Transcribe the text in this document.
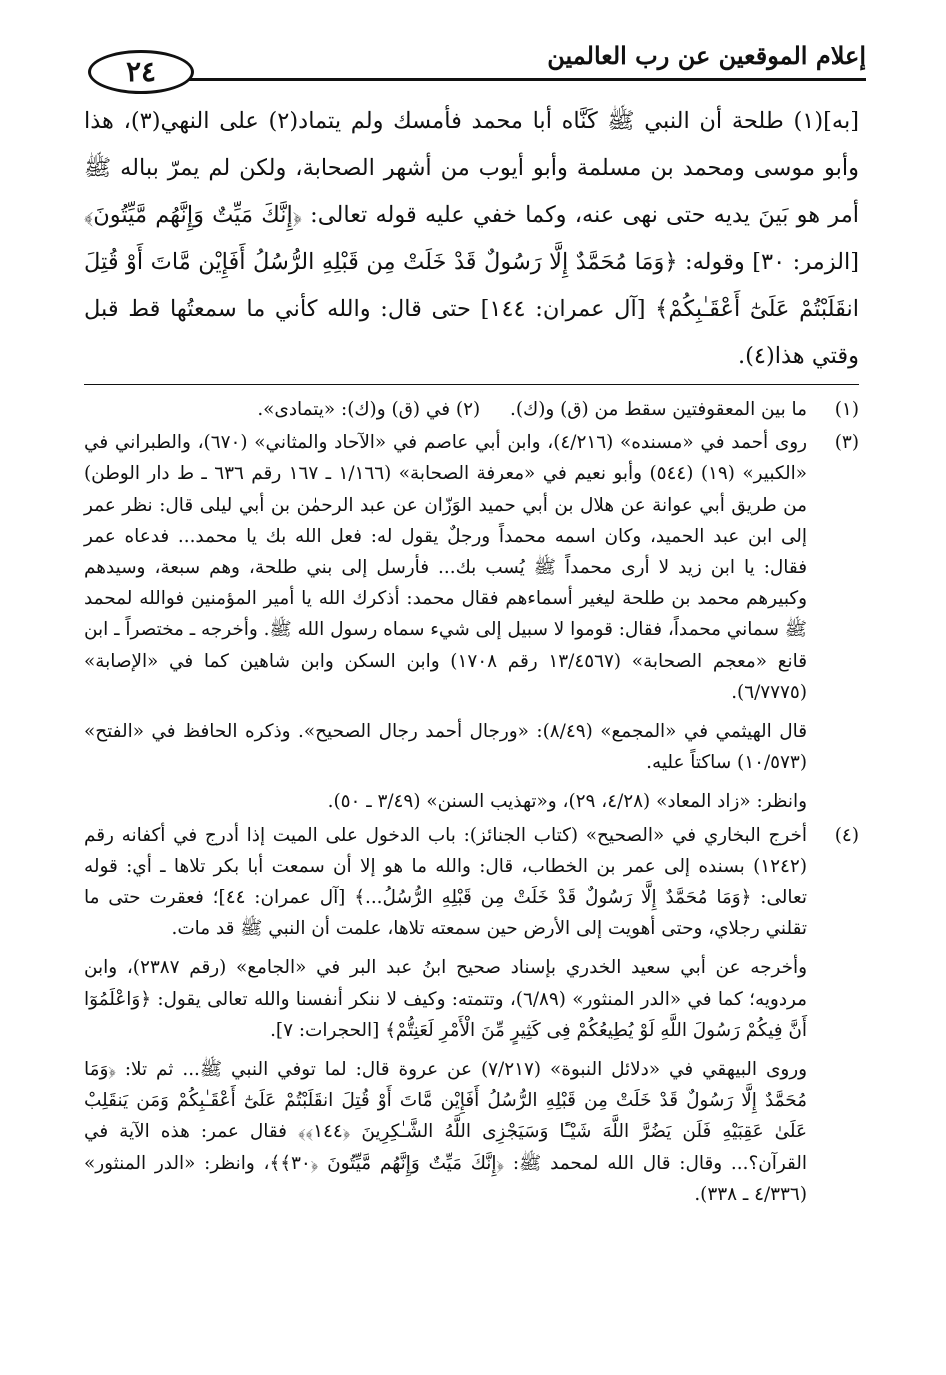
إعلام الموقعين عن رب العالمين
٢٤

[به](١) طلحة أن النبي ﷺ كَنَّاه أبا محمد فأمسك ولم يتماد(٢) على النهي(٣)، هذا وأبو موسى ومحمد بن مسلمة وأبو أيوب من أشهر الصحابة، ولكن لم يمرّ بباله ﷺ أمر هو بَينَ يديه حتى نهى عنه، وكما خفي عليه قوله تعالى: ﴿إِنَّكَ مَيِّتٌ وَإِنَّهُم مَّيِّتُونَ﴾ [الزمر: ٣٠] وقوله: ﴿وَمَا مُحَمَّدٌ إِلَّا رَسُولٌ قَدْ خَلَتْ مِن قَبْلِهِ الرُّسُلُ أَفَإِيْن مَّاتَ أَوْ قُتِلَ انقَلَبْتُمْ عَلَىٰٓ أَعْقَـٰبِكُمْ﴾ [آل عمران: ١٤٤] حتى قال: والله كأني ما سمعتُها قط قبل وقتي هذا(٤).

(١)
ما بين المعقوفتين سقط من (ق) و(ك). (٢) في (ق) و(ك): «يتمادى».
(٣)

روى أحمد في «مسنده» (٤/٢١٦)، وابن أبي عاصم في «الآحاد والمثاني» (٦٧٠)، والطبراني في «الكبير» (١٩) (٥٤٤) وأبو نعيم في «معرفة الصحابة» (١/١٦٦ ـ ١٦٧ رقم ٦٣٦ ـ ط دار الوطن) من طريق أبي عوانة عن هلال بن أبي حميد الوَزّان عن عبد الرحمٰن بن أبي ليلى قال: نظر عمر إلى ابن عبد الحميد، وكان اسمه محمداً ورجلٌ يقول له: فعل الله بك يا محمد... فدعاه عمر فقال: يا ابن زيد لا أرى محمداً ﷺ يُسب بك... فأرسل إلى بني طلحة، وهم سبعة، وسيدهم وكبيرهم محمد بن طلحة ليغير أسماءهم فقال محمد: أذكرك الله يا أمير المؤمنين فوالله لمحمد ﷺ سماني محمداً، فقال: قوموا لا سبيل إلى شيء سماه رسول الله ﷺ. وأخرجه ـ مختصراً ـ ابن قانع «معجم الصحابة» (١٣/٤٥٦٧ رقم ١٧٠٨) وابن السكن وابن شاهين كما في «الإصابة» (٦/٧٧٧٥).

قال الهيثمي في «المجمع» (٨/٤٩): «ورجال أحمد رجال الصحيح». وذكره الحافظ في «الفتح» (١٠/٥٧٣) ساكتاً عليه.

وانظر: «زاد المعاد» (٤/٢٨، ٢٩)، و«تهذيب السنن» (٣/٤٩ ـ ٥٠).

(٤)

أخرج البخاري في «الصحيح» (كتاب الجنائز): باب الدخول على الميت إذا أدرج في أكفانه رقم (١٢٤٢) بسنده إلى عمر بن الخطاب، قال: والله ما هو إلا أن سمعت أبا بكر تلاها ـ أي: قوله تعالى: ﴿وَمَا مُحَمَّدٌ إِلَّا رَسُولٌ قَدْ خَلَتْ مِن قَبْلِهِ الرُّسُلُ...﴾ [آل عمران: ٤٤]؛ فعقرت حتى ما تقلني رجلاي، وحتى أهويت إلى الأرض حين سمعته تلاها، علمت أن النبي ﷺ قد مات.

وأخرجه عن أبي سعيد الخدري بإسناد صحيح ابنُ عبد البر في «الجامع» (رقم ٢٣٨٧)، وابن مردويه؛ كما في «الدر المنثور» (٦/٨٩)، وتتمته: وكيف لا ننكر أنفسنا والله تعالى يقول: ﴿وَاعْلَمُوٓا أَنَّ فِيكُمْ رَسُولَ اللَّهِ لَوْ يُطِيعُكُمْ فِى كَثِيرٍ مِّنَ الْأَمْرِ لَعَنِتُّمْ﴾ [الحجرات: ٧].

وروى البيهقي في «دلائل النبوة» (٧/٢١٧) عن عروة قال: لما توفي النبي ﷺ... ثم تلا: ﴿وَمَا مُحَمَّدٌ إِلَّا رَسُولٌ قَدْ خَلَتْ مِن قَبْلِهِ الرُّسُلُ أَفَإِيْن مَّاتَ أَوْ قُتِلَ انقَلَبْتُمْ عَلَىٰٓ أَعْقَـٰبِكُمْ وَمَن يَنقَلِبْ عَلَىٰ عَقِبَيْهِ فَلَن يَضُرَّ اللَّهَ شَيْـًٔا وَسَيَجْزِى اللَّهُ الشَّـٰكِرِينَ ﴿١٤٤﴾﴾ فقال عمر: هذه الآية في القرآن؟... وقال: قال الله لمحمد ﷺ: ﴿إِنَّكَ مَيِّتٌ وَإِنَّهُم مَّيِّتُونَ ﴿٣٠﴾﴾، وانظر: «الدر المنثور» (٤/٣٣٦ ـ ٣٣٨).
